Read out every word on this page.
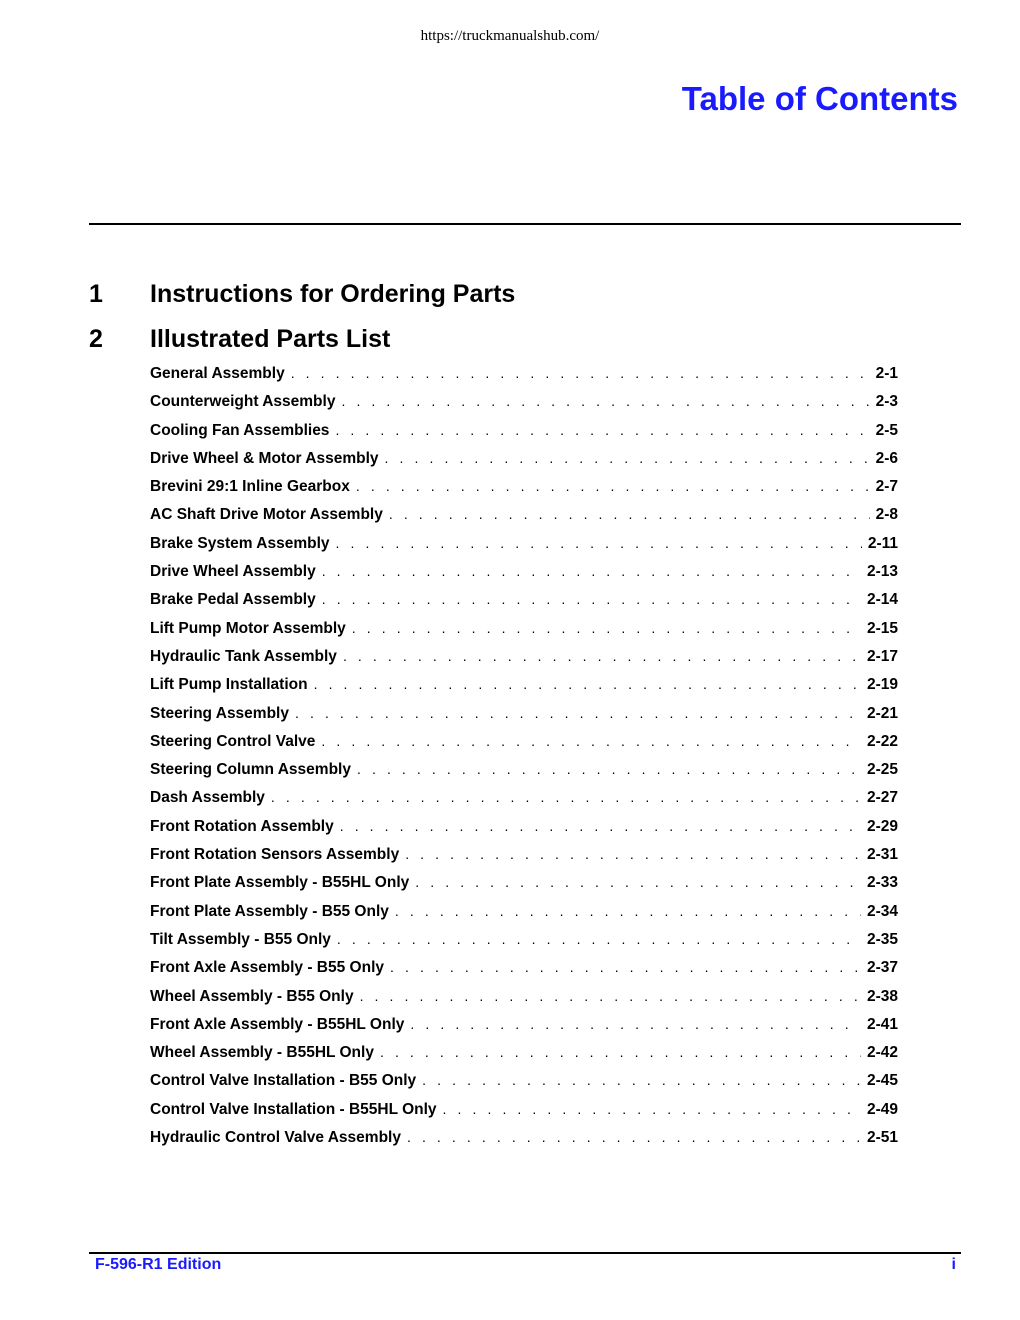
https://truckmanualshub.com/
Table of Contents
1 Instructions for Ordering Parts
2 Illustrated Parts List
General Assembly . . .	2-1
Counterweight Assembly . . .	2-3
Cooling Fan Assemblies . . .	2-5
Drive Wheel & Motor Assembly . . .	2-6
Brevini 29:1 Inline Gearbox . . .	2-7
AC Shaft Drive Motor Assembly . . .	2-8
Brake System Assembly . . .	2-11
Drive Wheel Assembly . . .	2-13
Brake Pedal Assembly . . .	2-14
Lift Pump Motor Assembly . . .	2-15
Hydraulic Tank Assembly . . .	2-17
Lift Pump Installation . . .	2-19
Steering Assembly . . .	2-21
Steering Control Valve . . .	2-22
Steering Column Assembly . . .	2-25
Dash Assembly . . .	2-27
Front Rotation Assembly . . .	2-29
Front Rotation Sensors Assembly . . .	2-31
Front Plate Assembly - B55HL Only . . .	2-33
Front Plate Assembly - B55 Only . . .	2-34
Tilt Assembly - B55 Only . . .	2-35
Front Axle Assembly - B55 Only . . .	2-37
Wheel Assembly - B55 Only . . .	2-38
Front Axle Assembly - B55HL Only . . .	2-41
Wheel Assembly - B55HL Only . . .	2-42
Control Valve Installation - B55 Only . . .	2-45
Control Valve Installation - B55HL Only . . .	2-49
Hydraulic Control Valve Assembly . . .	2-51
F-596-R1 Edition	i
